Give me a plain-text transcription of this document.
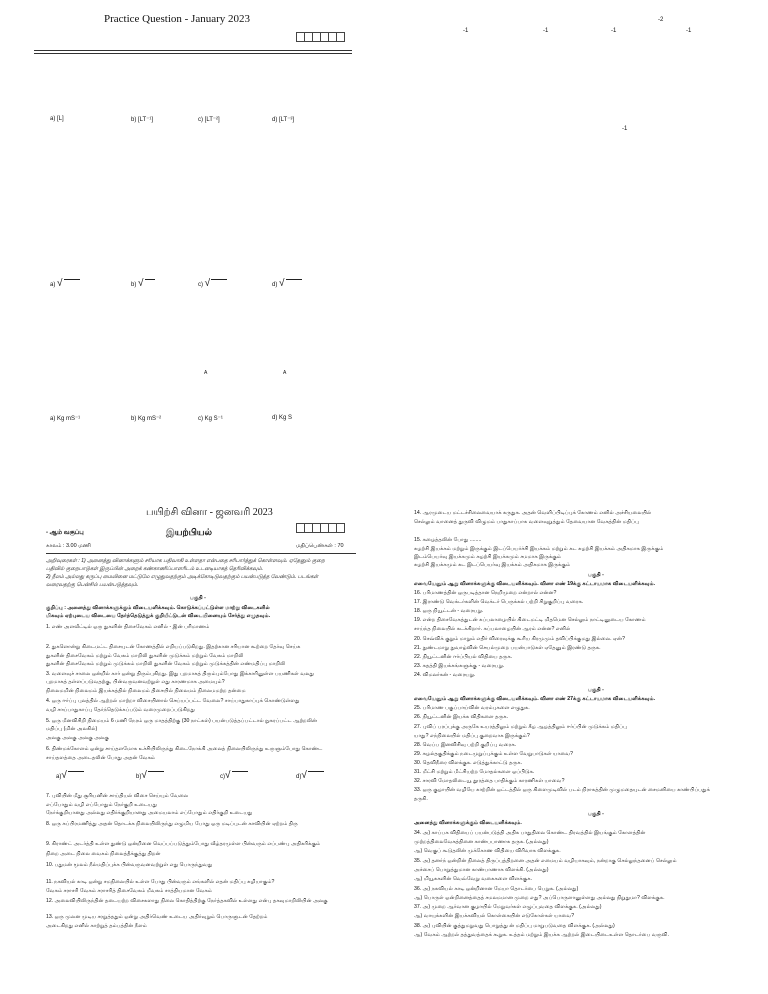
Practice Question - January 2023	-2
-1	-1	-1	-1
-1
a) [L]	b) [LT⁻¹]	c) [LT⁻²]	d) [LT⁻³]
a) √	b) √	c) √	d) √
A	A
a) Kg mS⁻¹	b) Kg mS⁻²	c) Kg S⁻¹	d) Kg S
பயிற்சி வினா - ஜனவரி 2023
- ஆம் வகுப்பு	இயற்பியல்
காலம் : 3.00 மணி	மதிப்பெண்கள் : 70
அறிவுரைகள் : 1) அனைத்து வினாக்களும் சரியாக பதிவாகி உள்ளதா என்பதை சரிபார்த்துக் கொள்ளவும். ஏதேனும் குறை
பதிவில் குறைபாடுகள் இருப்பின் அறைக் கண்காணிப்பாளரிடம் உடனடியாகத் தெரிவிக்கவும்.
2) நீலம் அல்லது கருப்பு மையினை மட்டுமே எழுதுவதற்கும் அடிக்கோடிடுவதற்கும் பயன்படுத்த வேண்டும். படங்கள்
வரைவதற்கு பென்சில் பயன்படுத்தவும்.
பகுதி -
குறிப்பு : அனைத்து வினாக்களுக்கும் விடையளிக்கவும். கொடுக்கப்பட்டுள்ள மாற்று விடைகளில்
மிகவும் ஏற்புடைய விடையை தேர்ந்தெடுத்துக் குறியீட்டுடன் விடையினையும் சேர்த்து எழுதவும்.
1. எண் அளவீட்டில் ஒரு துகளின் திசைவேகம் எனில் - இன் பரிமாணம்
2. துகளொன்று கிடைமட்ட திசையுடன் கோணத்தில் எறியப்படுகிறது. இதற்கான சரியான கூற்றை தேர்வு செய்க
துகளின் திசைவேகம் மற்றும் வேகம் மாறிலி துகளின் முடுக்கம் மற்றும் வேகம் மாறிலி
துகளின் திசைவேகம் மற்றும் முடுக்கம் மாறிலி துகளின் வேகம் மற்றும் முடுக்கத்தின் எண்மதிப்பு மாறிலி
3. வளைவுச் சாலை ஒன்றில் கார் ஒன்று திரும்புகிறது. இது புறமாகத் திரும்பும்போது இக்காரினுள்ள பயணிகள் வலது
புறமாகத் தள்ளப்படுவதற்கு, பின்வருவனவற்றுள் எது காரணமாக அமையும்?
நிலைமமின் நிலைமம் இயக்கத்தில் நிலைமம் திசையில் நிலைமம் நிலைமமற்ற தன்மை
4. ஒரு ஈர்ப்பு புலத்தில் ஆற்றல் மாற்றா விசையினால் செய்யப்பட்ட வேலை? சாய்பாதுகாப்புக் கொண்டுள்ளது
வழி சாய்பாதுகாப்பு தேர்ந்தெடுக்கப்படும் வரைமுறைப்படுகிறது
5. ஒரு மீனவிசிறி நிமையம் 6 மணி நேரம் ஒரு மாதத்திற்கு (30 நாட்கள்) பயன்படுத்தப்பட்டால் நுகரப்பட்ட ஆற்றலின்
மதிப்பு (மின் அலகில்)
அலகு அலகு அலகு அலகு
6. திண்மக்கோளம் ஒன்று சாய்தளமோக உச்சியிலிருந்து கிடைநோக்கி அலைத் நிலையிலிருந்து உருளும்போது கொண்ட
சாய்தளத்தை அடைதலின் போது அதன் வேகம்
a)√	b)√	c)√	d)√
7. புவியின் மீது சூரியனின் சாய்தியல் விசை செய்யும் வேலை
எப்போதும் வழி எப்போதும் நேர்குறி உடையது
நேர்க்குறியானது அல்லது எதிர்க்குறியானது அமையலாம் எப்போதும் எதிர்குறி உடையது
8. ஒரு சுப்பிரமணித்து அதன் தொடக்க நிலையிலிருந்து எழுமிய போது ஒரு மடிப்புடன் காவியின் ஏற்றம் திரு
9. கிராண்ட் அடர்த்தி உள்ள துண்டு ஒன்றினை வெப்பப்படுத்தும்போது வீழ்தரமுள்ள பின்வரும் எப்பண்பு அதிகரிக்கும்
நிறை அடை நிலை வைகம் நிலைத்தீக்குத்து திறன்
10. பதுமன் மூலம் நீல்மதிப்புக்க பின்வருவனவற்றுள் எது பொருந்துவது
11. நகவியல் காடி ஒன்று சமநிலையில் உள்ள போது பின்வரும் எங்களில் எதன் மதிப்பு சுழியாகும்?
வேகம் சராசரி வேகம் சராசரித் திசைவேகம் மீவகம் சாத்தியமான வேகம்
12. அலைவியிலிருந்தின் தடையற்ற விசைகளாது நிலை கொதித்திற்கு நேர்த்தகவில் உள்ளது என்பு தகவுமாறிலியின் அலகு
13. ஒரு முலன முடிய சரறுத்ததும் ஒன்று அதிர்வெண் உடைய அதிர்வுறும் பொருளுடன் தேற்றம்
அடைகிறது எனில் காற்றுத் தம்பத்தின் நீளம்
14. ஆரமுடைய மட்டச்சிலைவையாக் கருதுக. அதன் வெளிப்பிடிப்புக் கோணம் எனில் அச்சியலையில்
செல்லும் வானைத் துருவி விழுமம் பாதுகாப்பாக வளைவுறுத்தும் தேவையான வேகத்தின் மதிப்பு
15. சுழைத்தலின் போது ........
சுழற்சி இயக்கம் மற்றும் இருக்கும் இடப்பெயர்ச்சி இயக்கம் மற்றும் கட சுழற்சி இயக்கம் அதிகமாக இருக்கும்
இடம்பெயர்வு இயக்கமும் சுழற்சி இயக்கமும் சமமாக இருக்கும்
சுழற்சி இயக்கமும் கட இடப்பெயர்வு இயக்கம் அதிகமாக இருக்கும்
பகுதி -
எவையேனும் ஆறு வினாக்களுக்கு விடையளிக்கவும். வினா எண் 19க்கு கட்டாயமாக விடையளிக்கவும்.
16. பரிமாணத்தின் ஒருபடித்தான நெறிமுறை என்றால் என்ன?
17. இராண்டு வெக்டர்களின் வெக்டர் பெருக்கல் பற்றி சிறுகுறிப்பு வரைக.
18. ஒரு நியூட்டன் - வரையறு.
19. என்ற திசைவேகத்துடன் கப்பலாழையில் கிடைமட்டி மிதமென செல்லும் நாட்டினுடைய கோணம்
சாய்ந்த நிலையில் கடக்கிறார். கப்பலாழையின் ஆரம் என்ன? எனில்
20. செவ்விக் குறும் மாறும் எதிர் விரைவுக்கு கூரிய கிரமுமும் தவிப்பிக்குமது இல்லை. ஏன்?
21. நுண்டமாறு நுவாழ்வின் செயல்முறை பயன்பாடுகள் ஏதேனும் இரண்டு தருக.
22. நியூட்டனின் ஈர்ப்பியல் விதியை தருக.
23. கதத்தி இயக்கங்களுக்கு - வரையறு.
24. விமலர்கன் - வரையறு.
பகுதி -
எவையேனும் ஆறு வினாக்களுக்கு விடையளிக்கவும். வினா எண் 27க்கு கட்டாயமாக விடையளிக்கவும்.
25. பரிமாண பகுப்பாய்வின் வரம்புகளை எழுதுக.
26. நியூட்டனின் இயக்க விதிகளை தருக.
27. புவிப் பரப்புக்கு அருகே உயரத்திலும் மற்றும் கீழ ஆழத்திலும் ஈர்ப்பின் முடுக்கம் மதிப்பு
யாது? எந்நிலையில் மதிப்பு குறைவாக இருக்கும்?
28. வெப்ப இனவிசிவு பற்றி குறிப்பு வரைக.
29. சுழல்தகுதிக்கும் நடைமுறுப்புக்கும் உள்ள வேறுபாடுகள் யாவை?
30. தெவிநீரை விளக்குக. எடுத்துக்காட்டு தருக.
31. மீட்சி மற்றும் மீட்சியற்ற மோதல்களை ஒப்பிடுக.
32. சாரவி மோதலிடையூ தூரத்தை பாதிக்கும் காரணிகள் யாவை?
33. ஒரு குழாயின் வழியே காற்றின் ஒட்டத்தில் ஒரு கிளைமுடிவில் படம் நிராகத்தின் முழுமதையுடன் சைமனியை காண்பிப்பதுக்
தருகி.
பகுதி -
அனைத்து வினாக்களுக்கும் விடையளிக்கவும்.
34. அ) காப்பக விதியைப் பயன்படுத்தி அதிக பாதுதிலை கொண்ட திரவத்தில் இயங்கும் கோளத்தின்
முற்றத்திலைவேகத்தினை காண்பபாணாக தருக. (அல்லது)
ஆ) வெகுப் கூடுதலின் முக்கோண விதியை விரிவாக விளக்குக.
35. அ) தனர்ந் ஒன்றின் நிலைத் திருப்புத்திறனை அதன் எமையம் வழியாகவும், நன்றாகு செல்லுந்தனைப் செல்லும்
அச்சைப் பொறுத்துமான காண்பாணாக விளக்கி. (அல்லது)
ஆ) மியூசுகளின் வெவ்வேறு வகைகளை விளக்குக.
36. அ) நகவியல் காடி ஒன்றினான மேயா தொடர்பை பெறுக. (அல்லது)
ஆ) பொருள் ஒன்றினைத்தைத் சமலமமான முறை எது? அப்பொருளானுள்ளது அல்லது நிறுதுமா? விளக்குக.
37. அ) முறை ஆர்வான குழாயில் மேறுவர்கள் எழுப்புவதை விளக்குக. (அல்லது)
ஆ) வாயுக்களின் இயக்கவியல் கொள்கையின் எடுகோள்கள் யாவை?
38. அ) புவியின் குத்துமறுவது பொறுத்து ன் மதிப்பு மாறுபடுவதை விளக்குக. (அல்லது)
ஆ) வேகம் ஆற்றல் தத்துவத்தைக் கூறுக. உத்தம் மற்றும் இயக்க ஆற்றல் இடையிடைஉள்ள தொடர்பை வருவி.
